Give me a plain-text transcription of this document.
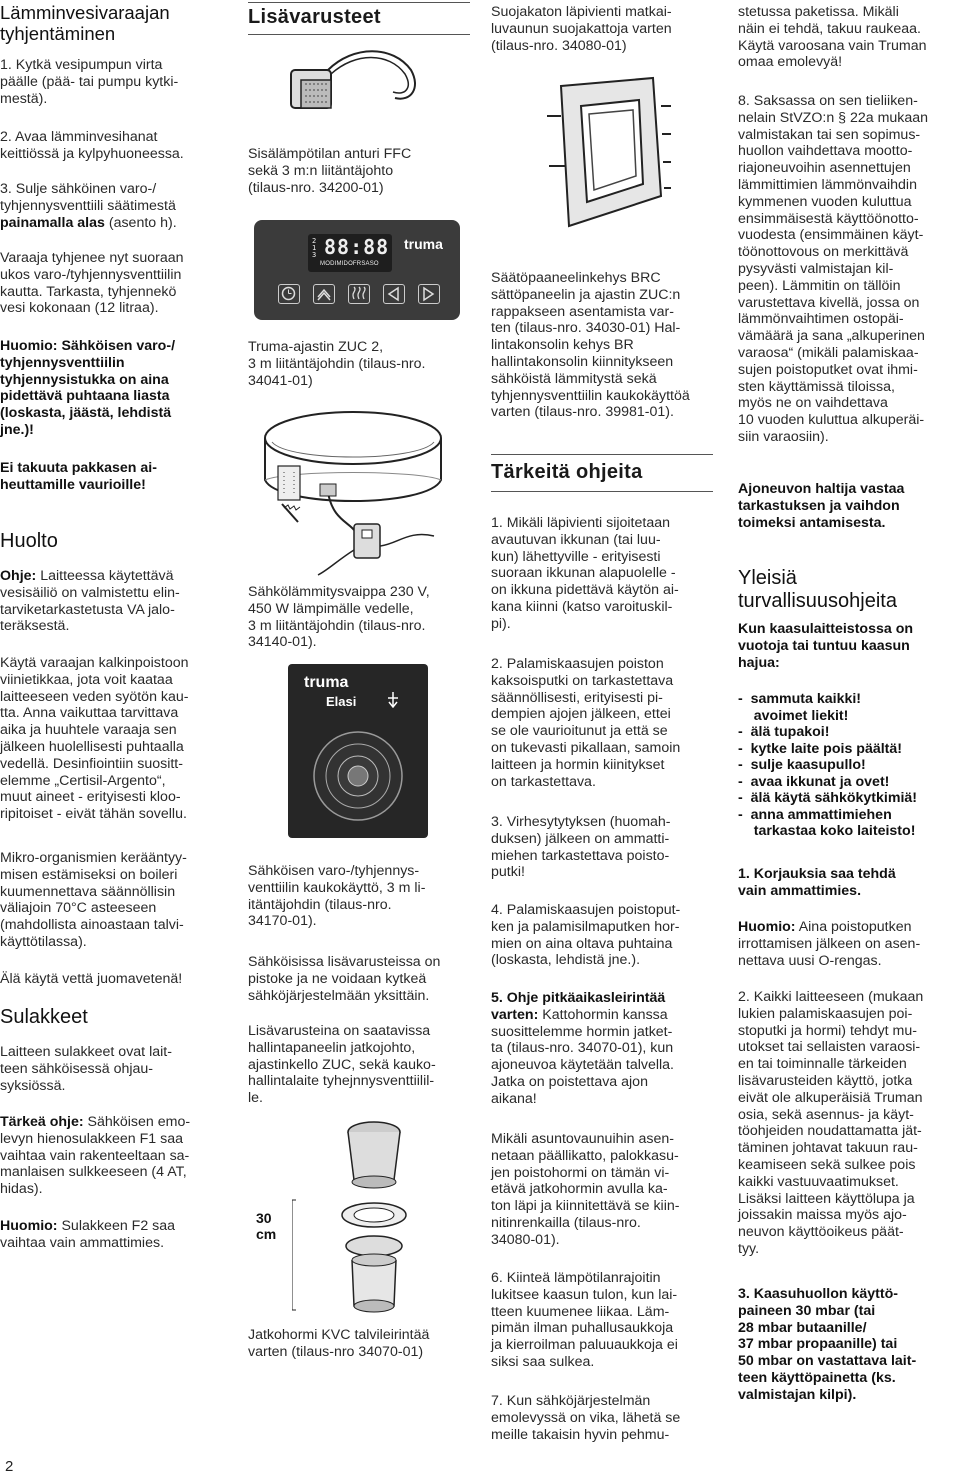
Lämminvesivaraajan
tyhjentäminen
1. Kytkä vesipumpun virta
päälle (pää- tai pumpu kytki-
mestä).
2. Avaa lämminvesihanat
keittiössä ja kylpyhuoneessa.
3. Sulje sähköinen varo-/
tyhjennysventtiili säätimestä
painamalla alas (asento h).
Varaaja tyhjenee nyt suoraan
ukos varo-/tyhjennysventtiilin
kautta. Tarkasta, tyhjennekö
vesi kokonaan (12 litraa).
Huomio: Sähköisen varo-/
tyhjennysventtiilin
tyhjennysistukka on aina
pidettävä puhtaana liasta
(loskasta, jäästä, lehdistä
jne.)!
Ei takuuta pakkasen ai-
heuttamille vaurioille!
Huolto
Ohje: Laitteessa käytettävä
vesisäiliö on valmistettu elin-
tarviketarkastetusta VA jalo-
teräksestä.
Käytä varaajan kalkinpoistoon
viinietikkaa, jota voit kaataa
laitteeseen veden syötön kau-
tta. Anna vaikuttaa tarvittava
aika ja huuhtele varaaja sen
jälkeen huolellisesti puhtaalla
vedellä. Desinfiointiin suositt-
elemme „Certisil-Argento“,
muut aineet - erityisesti kloo-
ripitoiset - eivät tähän sovellu.
Mikro-organismien kerääntyy-
misen estämiseksi on boileri
kuumennettava säännöllisin
väliajoin 70°C asteeseen
(mahdollista ainoastaan talvi-
käyttötilassa).
Älä käytä vettä juomavetenä!
Sulakkeet
Laitteen sulakkeet ovat lait-
teen sähköisessä ohjau-
syksiössä.
Tärkeä ohje: Sähköisen emo-
levyn hienosulakkeen F1 saa
vaihtaa vain rakenteeltaan sa-
manlaisen sulkkeeseen (4 AT,
hidas).
Huomio: Sulakkeen F2 saa
vaihtaa vain ammattimies.
Lisävarusteet
Sisälämpötilan anturi FFC
sekä 3 m:n liitäntäjohto
(tilaus-nro. 34200-01)
2
1
3 88:88
MODIMIDOFRSASO
truma
Truma-ajastin ZUC 2,
3 m liitäntäjohdin (tilaus-nro.
34041-01)
Sähkölämmitysvaippa 230 V,
450 W lämpimälle vedelle,
3 m liitäntäjohdin (tilaus-nro.
34140-01).
truma
Elasi
Sähköisen varo-/tyhjennys-
venttiilin kaukokäyttö, 3 m li-
itäntäjohdin (tilaus-nro.
34170-01).
Sähköisissa lisävarusteissa on
pistoke ja ne voidaan kytkeä
sähköjärjestelmään yksittäin.
Lisävarusteina on saatavissa
hallintapaneelin jatkojohto,
ajastinkello ZUC, sekä kauko-
hallintalaite tyhejnnysventtiilil-
le.
30
cm
Jatkohormi KVC talvileirintää
varten (tilaus-nro 34070-01)
Suojakaton läpivienti matkai-
luvaunun suojakattoja varten
(tilaus-nro. 34080-01)
Säätöpaaneelinkehys BRC
sättöpaneelin ja ajastin ZUC:n
rappakseen asentamista var-
ten (tilaus-nro. 34030-01) Hal-
lintakonsolin kehys BR
hallintakonsolin kiinnitykseen
sähköistä lämmitystä sekä
tyhjennysventtiilin kaukokäyttöä
varten (tilaus-nro. 39981-01).
Tärkeitä ohjeita
1. Mikäli läpivienti sijoitetaan
avautuvan ikkunan (tai luu-
kun) lähettyville - erityisesti
suoraan ikkunan alapuolelle -
on ikkuna pidettävä käytön ai-
kana kiinni (katso varoituskil-
pi).
2. Palamiskaasujen poiston
kaksoisputki on tarkastettava
säännöllisesti, erityisesti pi-
dempien ajojen jälkeen, ettei
se ole vaurioitunut ja että se
on tukevasti pikallaan, samoin
laitteen ja hormin kiinitykset
on tarkastettava.
3. Virhesytytyksen (huomah-
duksen) jälkeen on ammatti-
miehen tarkastettava poisto-
putki!
4. Palamiskaasujen poistoput-
ken ja palamisilmaputken hor-
mien on aina oltava puhtaina
(loskasta, lehdistä jne.).
5. Ohje pitkäaikasleirintää
varten: Kattohormin kanssa
suosittelemme hormin jatket-
ta (tilaus-nro. 34070-01), kun
ajoneuvoa käytetään talvella.
Jatka on poistettava ajon
aikana!
Mikäli asuntovaunuihin asen-
netaan päällikatto, palokkasu-
jen poistohormi on tämän vi-
etävä jatkohormin avulla ka-
ton läpi ja kiinnitettävä se kiin-
nitinrenkailla (tilaus-nro.
34080-01).
6. Kiinteä lämpötilanrajoitin
lukitsee kaasun tulon, kun lai-
tteen kuumenee liikaa. Läm-
pimän ilman puhallusaukkoja
ja kierroilman paluuaukkoja ei
siksi saa sulkea.
7. Kun sähköjärjestelmän
emolevyssä on vika, lähetä se
meille takaisin hyvin pehmu-
stetussa paketissa. Mikäli
näin ei tehdä, takuu raukeaa.
Käytä varoosana vain Truman
omaa emolevyä!
8. Saksassa on sen tieliiken-
nelain StVZO:n § 22a mukaan
valmistakan tai sen sopimus-
huollon vaihdettava mootto-
riajoneuvoihin asennettujen
lämmittimien lämmönvaihdin
kymmenen vuoden kuluttua
ensimmäisestä käyttöönotto-
vuodesta (ensimmäinen käyt-
töönottovous on merkittävä
pysyvästi valmistajan kil-
peen). Lämmitin on tällöin
varustettava kivellä, jossa on
lämmönvaihtimen ostopäi-
vämäärä ja sana „alkuperinen
varaosa“ (mikäli palamiskaa-
sujen poistoputket ovat ihmi-
sten käyttämissä tiloissa,
myös ne on vaihdettava
10 vuoden kuluttua alkuperäi-
siin varaosiin).
Ajoneuvon haltija vastaa
tarkastuksen ja vaihdon
toimeksi antamisesta.
Yleisiä
turvallisuusohjeita
Kun kaasulaitteistossa on
vuotoja tai tuntuu kaasun
hajua:
-  sammuta kaikki!
avoimet liekit!
-  älä tupakoi!
-  kytke laite pois päältä!
-  sulje kaasupullo!
-  avaa ikkunat ja ovet!
-  älä käytä sähkökytkimiä!
-  anna ammattimiehen
tarkastaa koko laiteisto!
1. Korjauksia saa tehdä
vain ammattimies.
Huomio: Aina poistoputken
irrottamisen jälkeen on asen-
nettava uusi O-rengas.
2. Kaikki laitteeseen (mukaan
lukien palamiskaasujen poi-
stoputki ja hormi) tehdyt mu-
utokset tai sellaisten varaosi-
en tai toiminnalle tärkeiden
lisävarusteiden käyttö, jotka
eivät ole alkuperäisiä Truman
osia, sekä asennus- ja käyt-
töohjeiden noudattamatta jät-
täminen johtavat takuun rau-
keamiseen sekä sulkee pois
kaikki vastuuvaatimukset.
Lisäksi laitteen käyttölupa ja
joissakin maissa myös ajo-
neuvon käyttöoikeus päät-
tyy.
3. Kaasuhuollon käyttö-
paineen 30 mbar (tai
28 mbar butaanille/
37 mbar propaanille) tai
50 mbar on vastattava lait-
teen käyttöpainetta (ks.
valmistajan kilpi).
2
